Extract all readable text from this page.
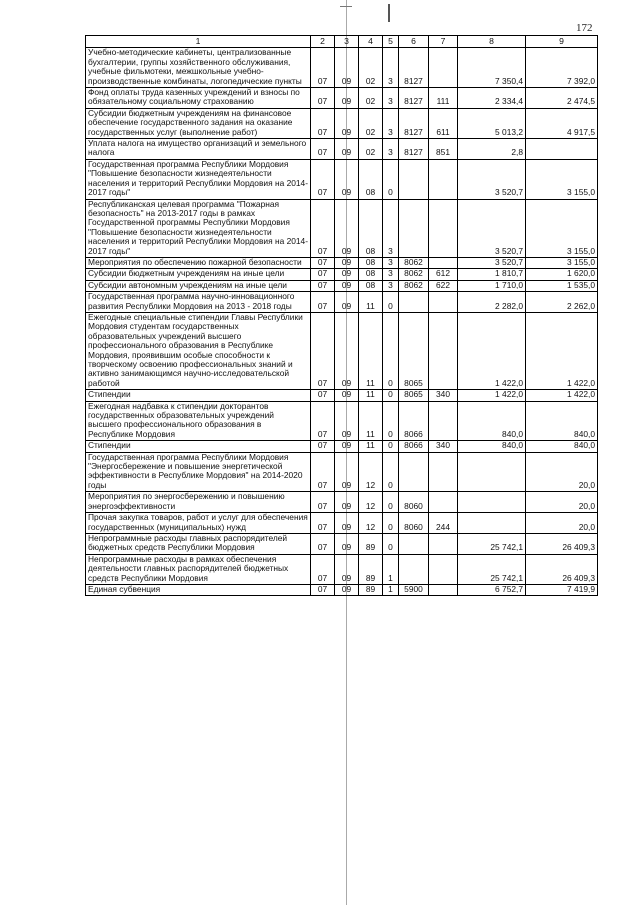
172
1	2	3	4	5	6	7	8	9
Учебно-методические кабинеты, централизованные бухгалтерии, группы хозяйственного обслуживания, учебные фильмотеки, межшкольные учебно-производственные комбинаты, логопедические пункты	07	09	02	3	8127		7 350,4	7 392,0
Фонд оплаты труда казенных учреждений и взносы по обязательному социальному страхованию	07	09	02	3	8127	111	2 334,4	2 474,5
Субсидии бюджетным учреждениям на финансовое обеспечение государственного задания на оказание государственных услуг (выполнение работ)	07	09	02	3	8127	611	5 013,2	4 917,5
Уплата налога на имущество организаций и земельного налога	07	09	02	3	8127	851	2,8	
Государственная программа Республики Мордовия "Повышение безопасности жизнедеятельности населения и территорий Республики Мордовия на 2014-2017 годы"	07	09	08	0			3 520,7	3 155,0
Республиканская целевая программа "Пожарная безопасность" на 2013-2017 годы в рамках Государственной программы Республики Мордовия "Повышение безопасности жизнедеятельности населения и территорий Республики Мордовия на 2014-2017 годы"	07	09	08	3			3 520,7	3 155,0
Мероприятия по обеспечению пожарной безопасности	07	09	08	3	8062		3 520,7	3 155,0
Субсидии бюджетным учреждениям на иные цели	07	09	08	3	8062	612	1 810,7	1 620,0
Субсидии автономным учреждениям на иные цели	07	09	08	3	8062	622	1 710,0	1 535,0
Государственная программа научно-инновационного развития Республики Мордовия на 2013 - 2018 годы	07	09	11	0			2 282,0	2 262,0
Ежегодные специальные стипендии Главы Республики Мордовия студентам государственных образовательных учреждений высшего профессионального образования в Республике Мордовия, проявившим особые способности к творческому освоению профессиональных знаний и активно занимающимся научно-исследовательской работой	07	09	11	0	8065		1 422,0	1 422,0
Стипендии	07	09	11	0	8065	340	1 422,0	1 422,0
Ежегодная надбавка к стипендии докторантов государственных образовательных учреждений высшего профессионального образования в Республике Мордовия	07	09	11	0	8066		840,0	840,0
Стипендии	07	09	11	0	8066	340	840,0	840,0
Государственная программа Республики Мордовия "Энергосбережение и повышение энергетической эффективности в Республике Мордовия" на 2014-2020 годы	07	09	12	0				20,0
Мероприятия по энергосбережению и повышению энергоэффективности	07	09	12	0	8060			20,0
Прочая закупка товаров, работ и услуг для обеспечения государственных (муниципальных) нужд	07	09	12	0	8060	244		20,0
Непрограммные расходы главных распорядителей бюджетных средств Республики Мордовия	07	09	89	0			25 742,1	26 409,3
Непрограммные расходы в рамках обеспечения деятельности главных распорядителей бюджетных средств Республики Мордовия	07	09	89	1			25 742,1	26 409,3
Единая субвенция	07	09	89	1	5900		6 752,7	7 419,9
